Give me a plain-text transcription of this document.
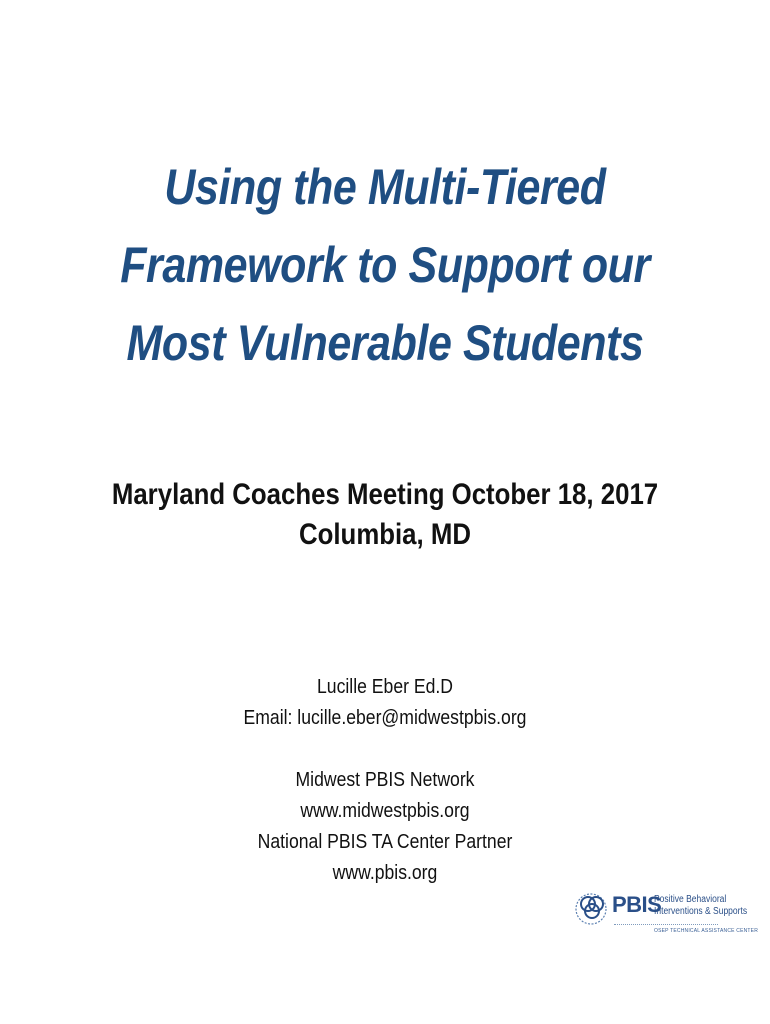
Using the Multi-Tiered
Framework to Support our
Most Vulnerable Students
Maryland Coaches Meeting October 18, 2017
Columbia, MD
Lucille Eber Ed.D
Email: lucille.eber@midwestpbis.org
Midwest PBIS Network
www.midwestpbis.org
National PBIS TA Center Partner
www.pbis.org
PBIS
Positive Behavioral
Interventions & Supports
OSEP TECHNICAL ASSISTANCE CENTER
